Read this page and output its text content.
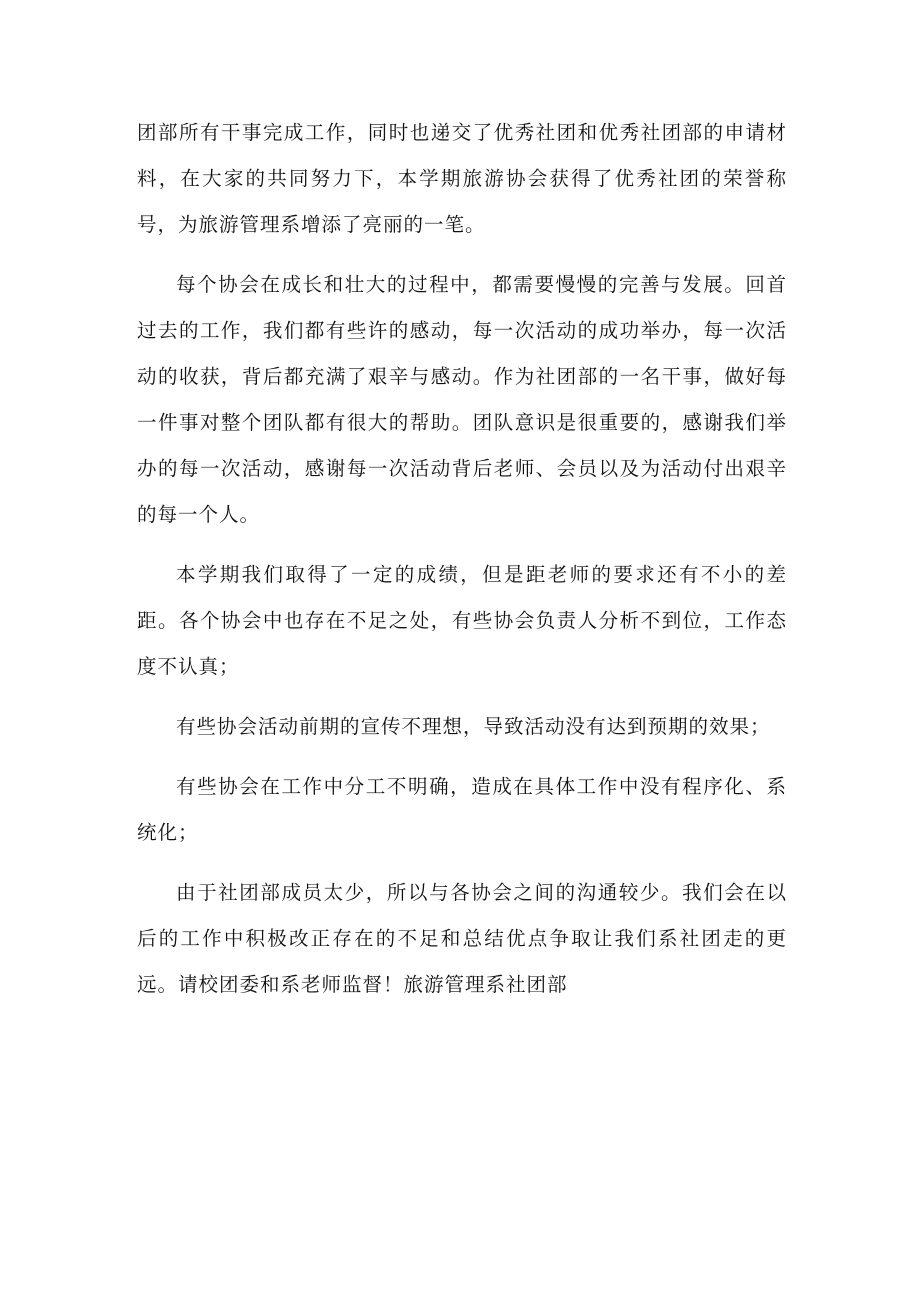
团部所有干事完成工作，同时也递交了优秀社团和优秀社团部的申请材料，在大家的共同努力下，本学期旅游协会获得了优秀社团的荣誉称号，为旅游管理系增添了亮丽的一笔。

每个协会在成长和壮大的过程中，都需要慢慢的完善与发展。回首过去的工作，我们都有些许的感动，每一次活动的成功举办，每一次活动的收获，背后都充满了艰辛与感动。作为社团部的一名干事，做好每一件事对整个团队都有很大的帮助。团队意识是很重要的，感谢我们举办的每一次活动，感谢每一次活动背后老师、会员以及为活动付出艰辛的每一个人。

本学期我们取得了一定的成绩，但是距老师的要求还有不小的差距。各个协会中也存在不足之处，有些协会负责人分析不到位，工作态度不认真；

有些协会活动前期的宣传不理想，导致活动没有达到预期的效果；

有些协会在工作中分工不明确，造成在具体工作中没有程序化、系统化；

由于社团部成员太少，所以与各协会之间的沟通较少。我们会在以后的工作中积极改正存在的不足和总结优点争取让我们系社团走的更远。请校团委和系老师监督！旅游管理系社团部
